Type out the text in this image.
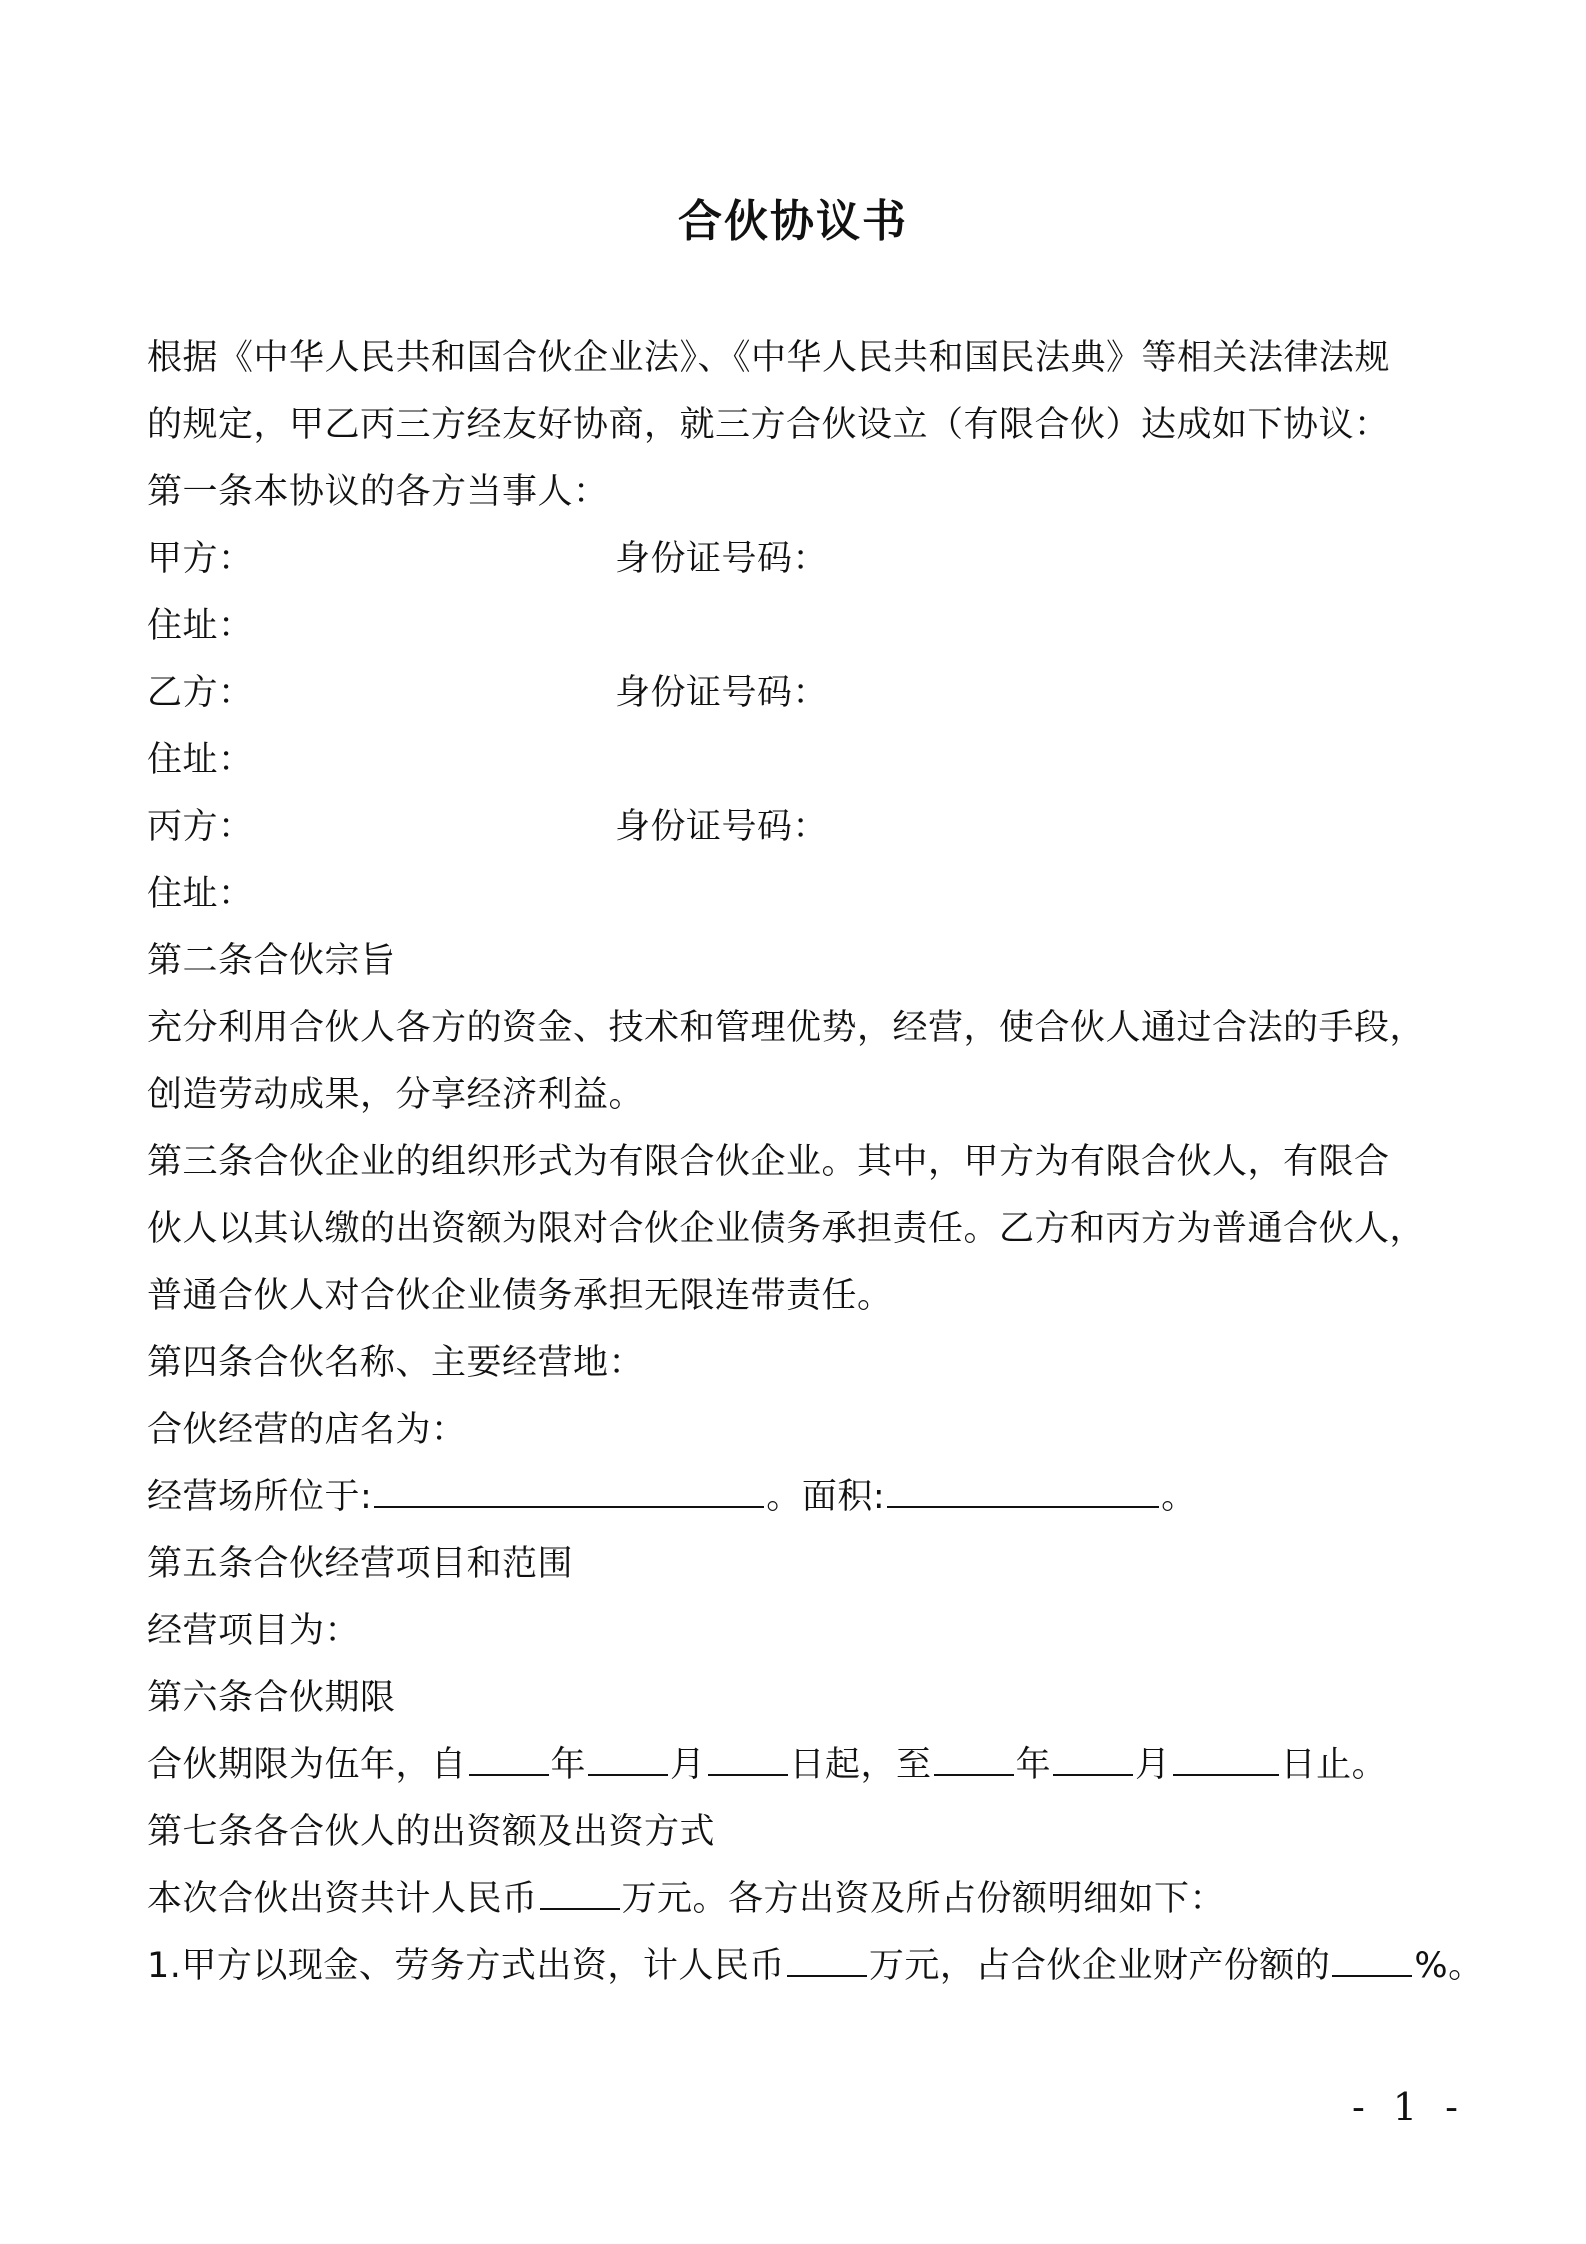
合伙协议书
根据《中华人民共和国合伙企业法》、《中华人民共和国民法典》等相关法律法规
的规定，甲乙丙三方经友好协商，就三方合伙设立（有限合伙）达成如下协议：
第一条本协议的各方当事人：
甲方：	身份证号码：
住址：
乙方：	身份证号码：
住址：
丙方：	身份证号码：
住址：
第二条合伙宗旨
充分利用合伙人各方的资金、技术和管理优势，经营，使合伙人通过合法的手段，
创造劳动成果，分享经济利益。
第三条合伙企业的组织形式为有限合伙企业。其中，甲方为有限合伙人，有限合
伙人以其认缴的出资额为限对合伙企业债务承担责任。乙方和丙方为普通合伙人，
普通合伙人对合伙企业债务承担无限连带责任。
第四条合伙名称、主要经营地：
合伙经营的店名为：
经营场所位于:	。面积:	。
第五条合伙经营项目和范围
经营项目为：
第六条合伙期限
合伙期限为伍年，自 年 月 日起，至 年 月	日止。
第七条各合伙人的出资额及出资方式
本次合伙出资共计人民币 万元。各方出资及所占份额明细如下：
1.甲方以现金、劳务方式出资，计人民币 万元，占合伙企业财产份额的 %。
- 1 -
